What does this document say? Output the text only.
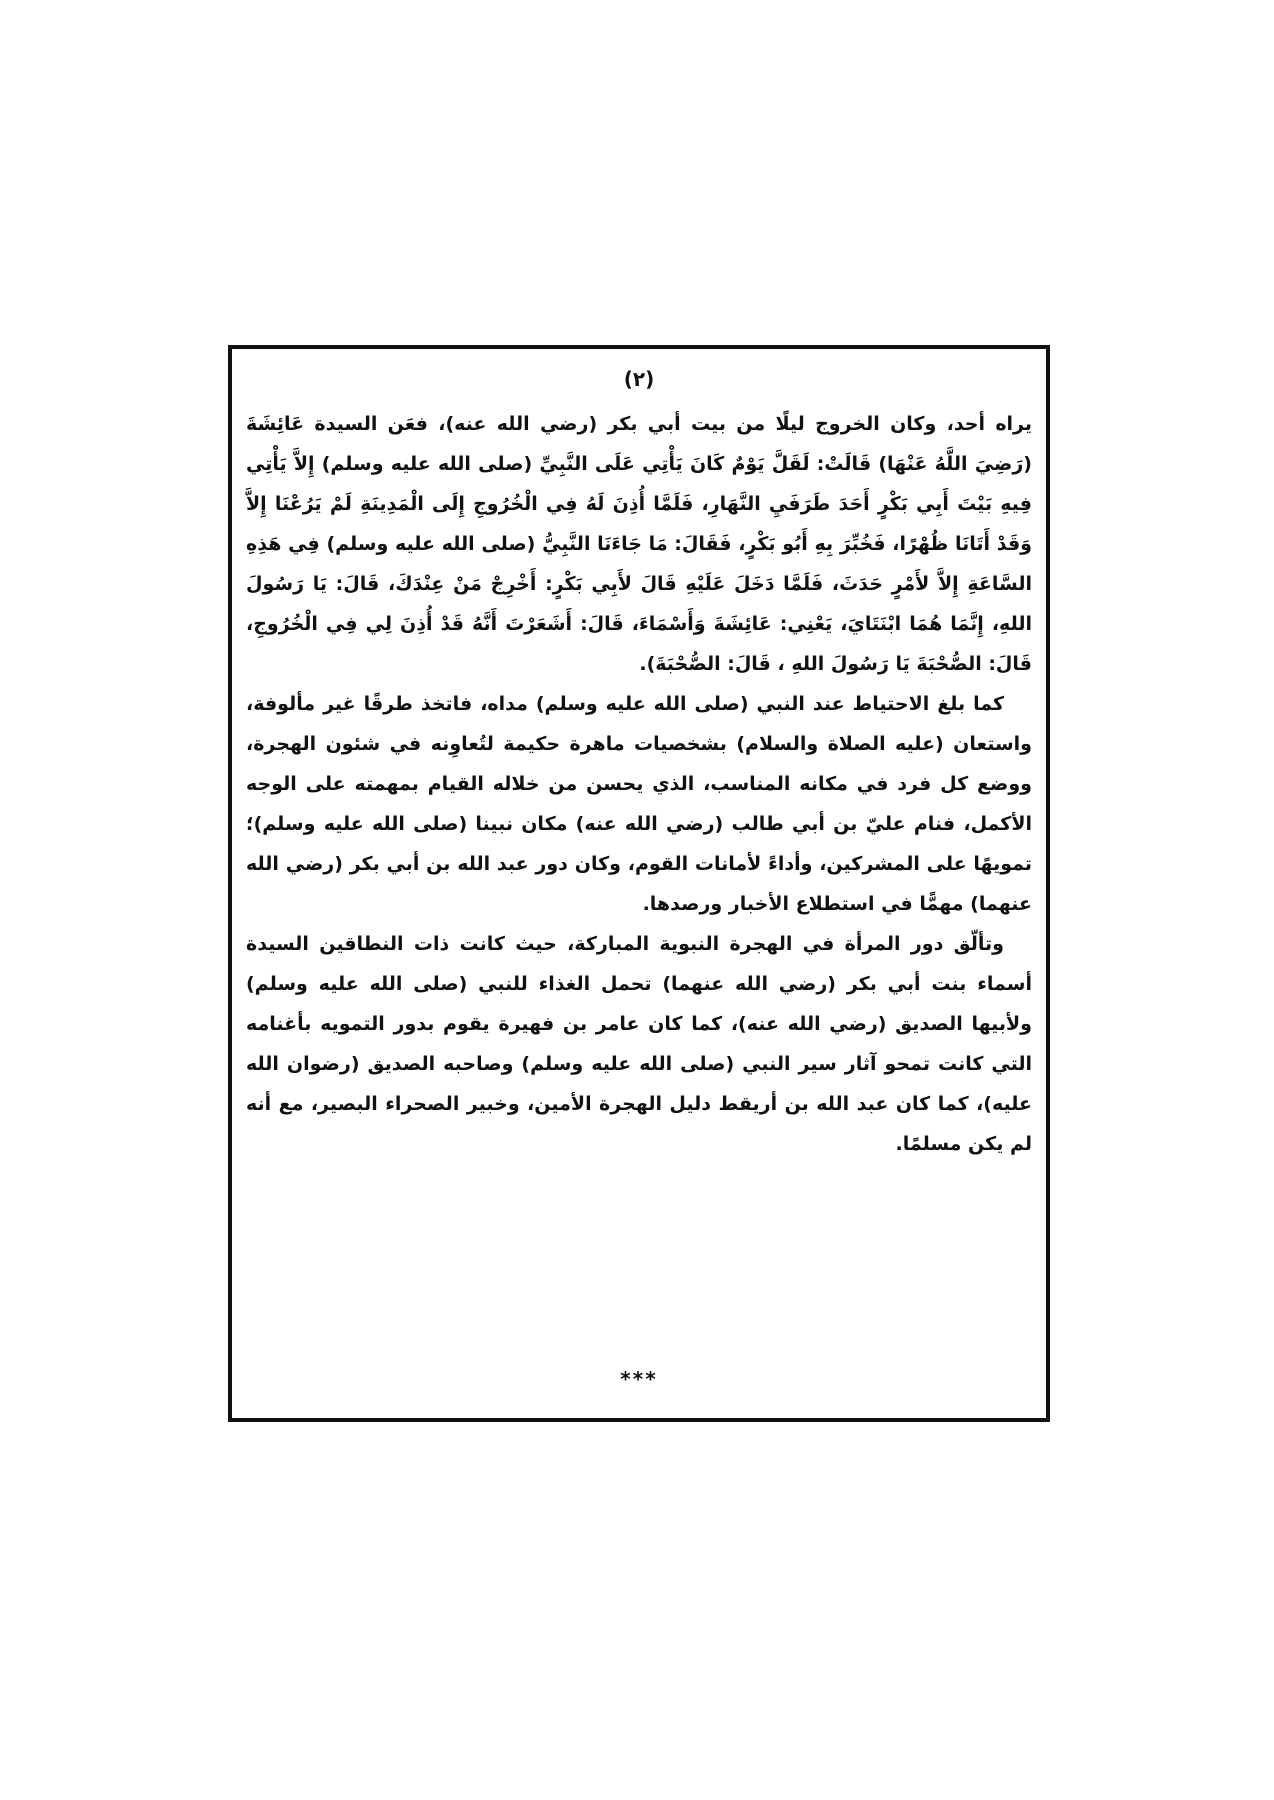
(٢)

يراه أحد، وكان الخروج ليلًا من بيت أبي بكر (رضي الله عنه)، فعَن السيدة عَائِشَةَ (رَضِيَ اللَّهُ عَنْهَا) قَالَتْ: لَقَلَّ يَوْمٌ كَانَ يَأْتِي عَلَى النَّبِيِّ (صلى الله عليه وسلم) إِلاَّ يَأْتِي فِيهِ بَيْتَ أَبِي بَكْرٍ أَحَدَ طَرَفَيِ النَّهَارِ، فَلَمَّا أُذِنَ لَهُ فِي الْخُرُوجِ إِلَى الْمَدِينَةِ لَمْ يَرُعْنَا إِلاَّ وَقَدْ أَتَانَا ظُهْرًا، فَخُبِّرَ بِهِ أَبُو بَكْرٍ، فَقَالَ: مَا جَاءَنَا النَّبِيُّ (صلى الله عليه وسلم) فِي هَذِهِ السَّاعَةِ إِلاَّ لأَمْرٍ حَدَثَ، فَلَمَّا دَخَلَ عَلَيْهِ قَالَ لأَبِي بَكْرٍ: أَخْرِجْ مَنْ عِنْدَكَ، قَالَ: يَا رَسُولَ اللهِ، إِنَّمَا هُمَا ابْنَتَايَ، يَعْنِي: عَائِشَةَ وَأَسْمَاءَ، قَالَ: أَشَعَرْتَ أَنَّهُ قَدْ أُذِنَ لِي فِي الْخُرُوجِ، قَالَ: الصُّحْبَةَ يَا رَسُولَ اللهِ ، قَالَ: الصُّحْبَةَ).

كما بلغ الاحتياط عند النبي (صلى الله عليه وسلم) مداه، فاتخذ طرقًا غير مألوفة، واستعان (عليه الصلاة والسلام) بشخصيات ماهرة حكيمة لتُعاوِنه في شئون الهجرة، ووضع كل فرد في مكانه المناسب، الذي يحسن من خلاله القيام بمهمته على الوجه الأكمل، فنام عليّ بن أبي طالب (رضي الله عنه) مكان نبينا (صلى الله عليه وسلم)؛ تمويهًا على المشركين، وأداءً لأمانات القوم، وكان دور عبد الله بن أبي بكر (رضي الله عنهما) مهمًّا في استطلاع الأخبار ورصدها.

وتألّق دور المرأة في الهجرة النبوية المباركة، حيث كانت ذات النطاقين السيدة أسماء بنت أبي بكر (رضي الله عنهما) تحمل الغذاء للنبي (صلى الله عليه وسلم) ولأبيها الصديق (رضي الله عنه)، كما كان عامر بن فهيرة يقوم بدور التمويه بأغنامه التي كانت تمحو آثار سير النبي (صلى الله عليه وسلم) وصاحبه الصديق (رضوان الله عليه)، كما كان عبد الله بن أريقط دليل الهجرة الأمين، وخبير الصحراء البصير، مع أنه لم يكن مسلمًا.

***
